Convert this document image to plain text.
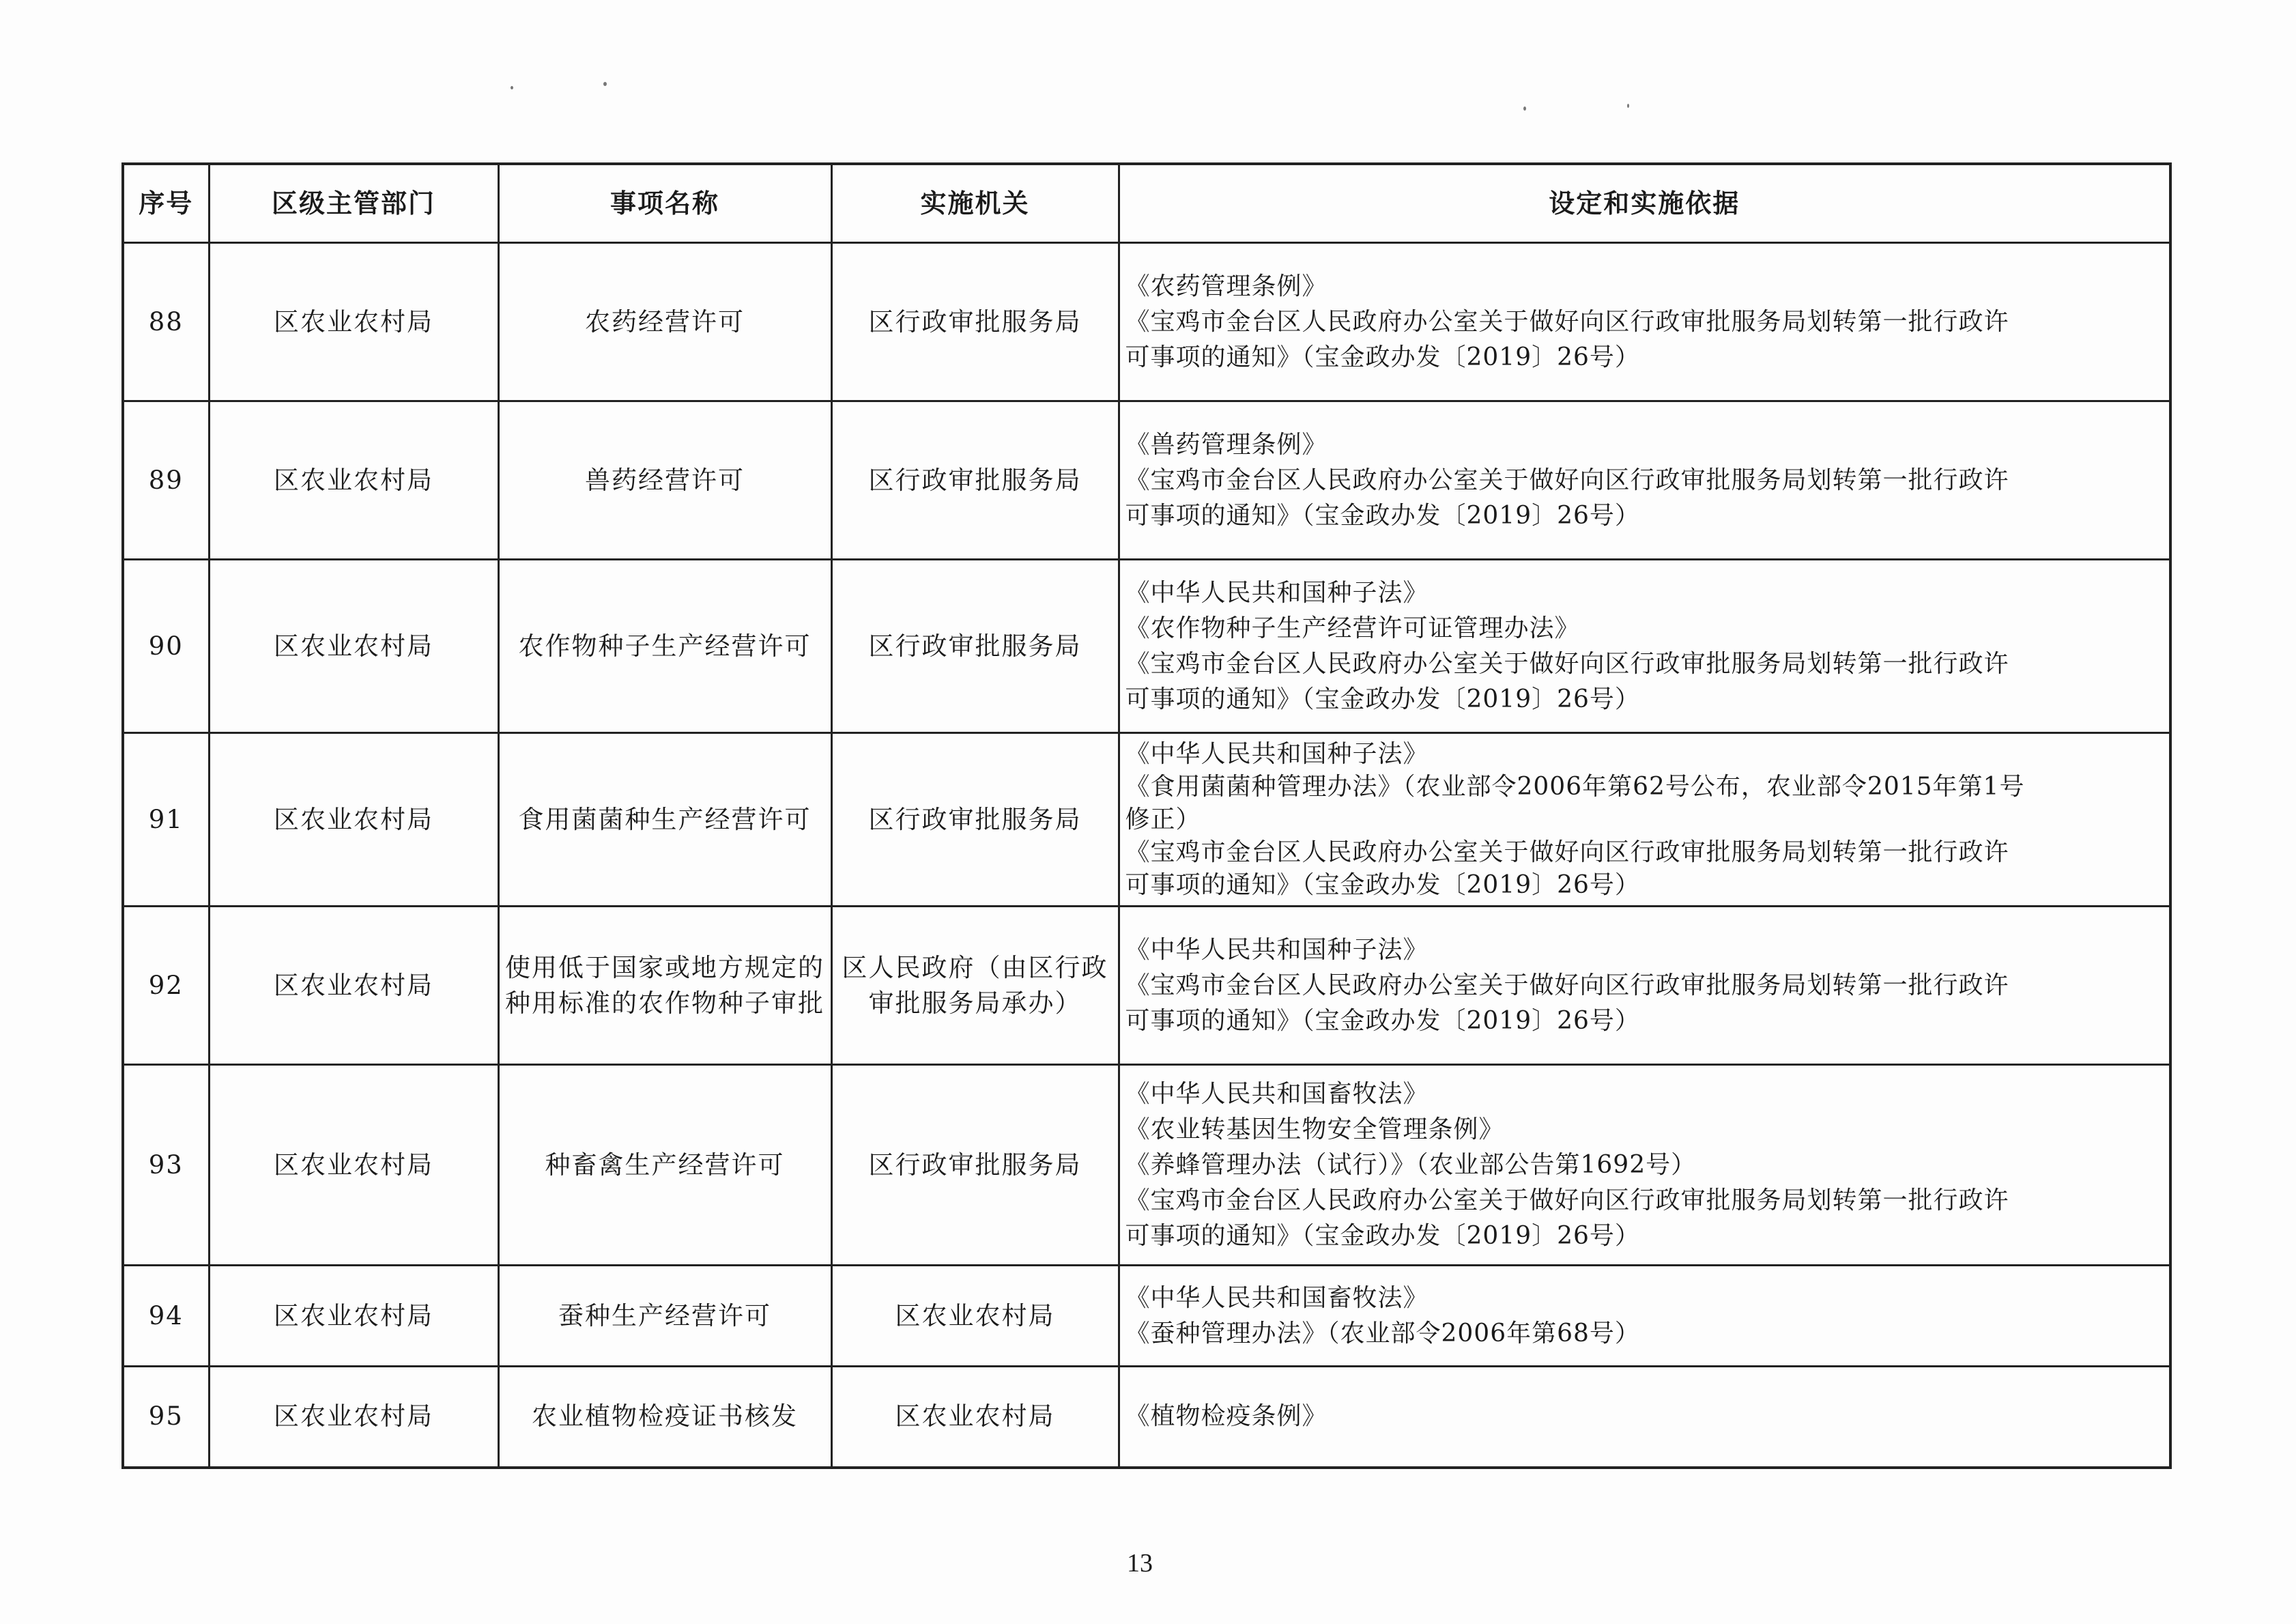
序号	区级主管部门	事项名称	实施机关	设定和实施依据
88	区农业农村局	农药经营许可	区行政审批服务局	《农药管理条例》
《宝鸡市金台区人民政府办公室关于做好向区行政审批服务局划转第一批行政许
可事项的通知》（宝金政办发〔2019〕26号）

89	区农业农村局	兽药经营许可	区行政审批服务局	《兽药管理条例》
《宝鸡市金台区人民政府办公室关于做好向区行政审批服务局划转第一批行政许
可事项的通知》（宝金政办发〔2019〕26号）

90	区农业农村局	农作物种子生产经营许可	区行政审批服务局	《中华人民共和国种子法》
《农作物种子生产经营许可证管理办法》
《宝鸡市金台区人民政府办公室关于做好向区行政审批服务局划转第一批行政许
可事项的通知》（宝金政办发〔2019〕26号）

91	区农业农村局	食用菌菌种生产经营许可	区行政审批服务局	《中华人民共和国种子法》
《食用菌菌种管理办法》（农业部令2006年第62号公布，农业部令2015年第1号
修正）
《宝鸡市金台区人民政府办公室关于做好向区行政审批服务局划转第一批行政许
可事项的通知》（宝金政办发〔2019〕26号）

92	区农业农村局	使用低于国家或地方规定的种用标准的农作物种子审批	区人民政府（由区行政审批服务局承办）	《中华人民共和国种子法》
《宝鸡市金台区人民政府办公室关于做好向区行政审批服务局划转第一批行政许
可事项的通知》（宝金政办发〔2019〕26号）

93	区农业农村局	种畜禽生产经营许可	区行政审批服务局	《中华人民共和国畜牧法》
《农业转基因生物安全管理条例》
《养蜂管理办法（试行）》（农业部公告第1692号）
《宝鸡市金台区人民政府办公室关于做好向区行政审批服务局划转第一批行政许
可事项的通知》（宝金政办发〔2019〕26号）

94	区农业农村局	蚕种生产经营许可	区农业农村局	《中华人民共和国畜牧法》
《蚕种管理办法》（农业部令2006年第68号）

95	区农业农村局	农业植物检疫证书核发	区农业农村局	《植物检疫条例》
13
